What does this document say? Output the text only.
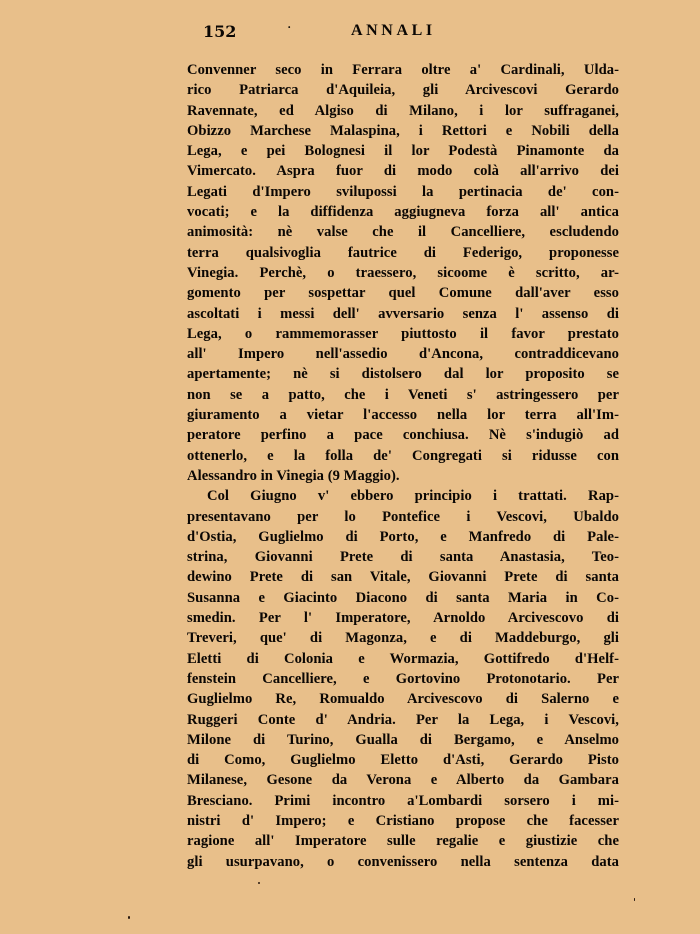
152	·	ANNALI
Convenner seco in Ferrara oltre a' Cardinali, Ulda-
rico Patriarca d'Aquileia, gli Arcivescovi Gerardo
Ravennate, ed Algiso di Milano, i lor suffraganei,
Obizzo Marchese Malaspina, i Rettori e Nobili della
Lega, e pei Bolognesi il lor Podestà Pinamonte da
Vimercato. Aspra fuor di modo colà all'arrivo dei
Legati d'Impero svilupossi la pertinacia de' con-
vocati; e la diffidenza aggiugneva forza all' antica
animosità: nè valse che il Cancelliere, escludendo
terra qualsivoglia fautrice di Federigo, proponesse
Vinegia. Perchè, o traessero, sicoome è scritto, ar-
gomento per sospettar quel Comune dall'aver esso
ascoltati i messi dell' avversario senza l' assenso di
Lega, o rammemorasser piuttosto il favor prestato
all' Impero nell'assedio d'Ancona, contraddicevano
apertamente; nè si distolsero dal lor proposito se
non se a patto, che i Veneti s' astringessero per
giuramento a vietar l'accesso nella lor terra all'Im-
peratore perfino a pace conchiusa. Nè s'indugiò ad
ottenerlo, e la folla de' Congregati si ridusse con
Alessandro in Vinegia (9 Maggio).
Col Giugno v' ebbero principio i trattati. Rap-
presentavano per lo Pontefice i Vescovi, Ubaldo
d'Ostia, Guglielmo di Porto, e Manfredo di Pale-
strina, Giovanni Prete di santa Anastasia, Teo-
dewino Prete di san Vitale, Giovanni Prete di santa
Susanna e Giacinto Diacono di santa Maria in Co-
smedin. Per l' Imperatore, Arnoldo Arcivescovo di
Treveri, que' di Magonza, e di Maddeburgo, gli
Eletti di Colonia e Wormazia, Gottifredo d'Helf-
fenstein Cancelliere, e Gortovino Protonotario. Per
Guglielmo Re, Romualdo Arcivescovo di Salerno e
Ruggeri Conte d' Andria. Per la Lega, i Vescovi,
Milone di Turino, Gualla di Bergamo, e Anselmo
di Como, Guglielmo Eletto d'Asti, Gerardo Pisto
Milanese, Gesone da Verona e Alberto da Gambara
Bresciano. Primi incontro a'Lombardi sorsero i mi-
nistri d' Impero; e Cristiano propose che facesser
ragione all' Imperatore sulle regalie e giustizie che
gli usurpavano, o convenissero nella sentenza data
